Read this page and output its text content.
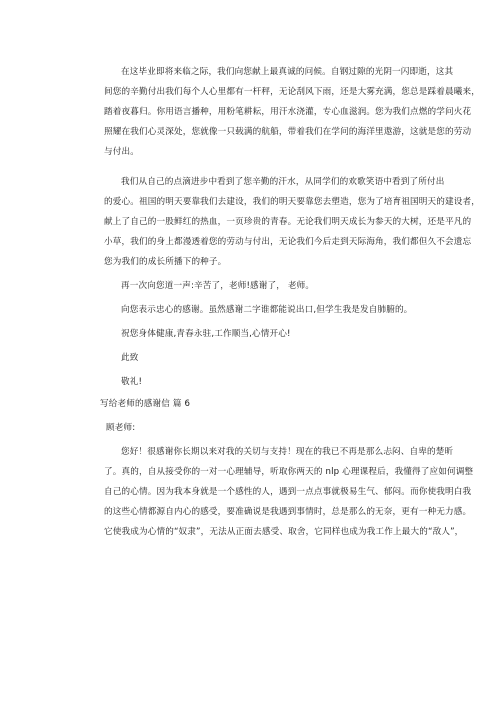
在这毕业即将来临之际，我们向您献上最真诚的问候。自钢过隙的光阴一闪即逝，这其
间您的辛勤付出我们每个人心里都有一杆秤，无论刮风下雨，还是大雾充满，您总是踩着晨曦来，
踏着夜暮归。你用语言播种，用粉笔耕耘，用汗水浇灌，专心血滋润。您为我们点燃的学问火花
照耀在我们心灵深处，您就像一只载满的航船，带着我们在学问的海洋里遨游，这就是您的劳动
与付出。
我们从自己的点滴进步中看到了您辛勤的汗水，从同学们的欢歌笑语中看到了所付出
的爱心。祖国的明天要靠我们去建设，我们的明天要靠您去塑造，您为了培育祖国明天的建设者，
献上了自己的一股鲜红的热血，一页珍贵的青春。无论我们明天成长为参天的大树，还是平凡的
小草，我们的身上都漫透着您的劳动与付出，无论我们今后走到天际海角，我们都但久不会遗忘
您为我们的成长所播下的种子。
再一次向您道一声:辛苦了，老师!感谢了， 老师。
向您表示忠心的感谢。虽然感谢二字谁都能说出口,但学生我是发自肺腑的。
祝您身体健康,青春永驻,工作顺当,心情开心!
此致
敬礼!
写给老师的感谢信 篇 6
顾老师:
您好！很感谢你长期以来对我的关切与支持！现在的我已不再是那么忐闷、自卑的楚昕
了。真的，自从接受你的一对一心理辅导，听取你两天的 nlp 心理课程后，我懂得了应如何调整
自己的心情。因为我本身就是一个感性的人，遇到一点点事就极易生气、郁闷。而你使我明白我
的这些心情都源自内心的感受，要准确说是我遇到事情时，总是那么的无奈，更有一种无力感。
它使我成为心情的“奴隶”，无法从正面去感受、取舍，它同样也成为我工作上最大的“敌人”，
